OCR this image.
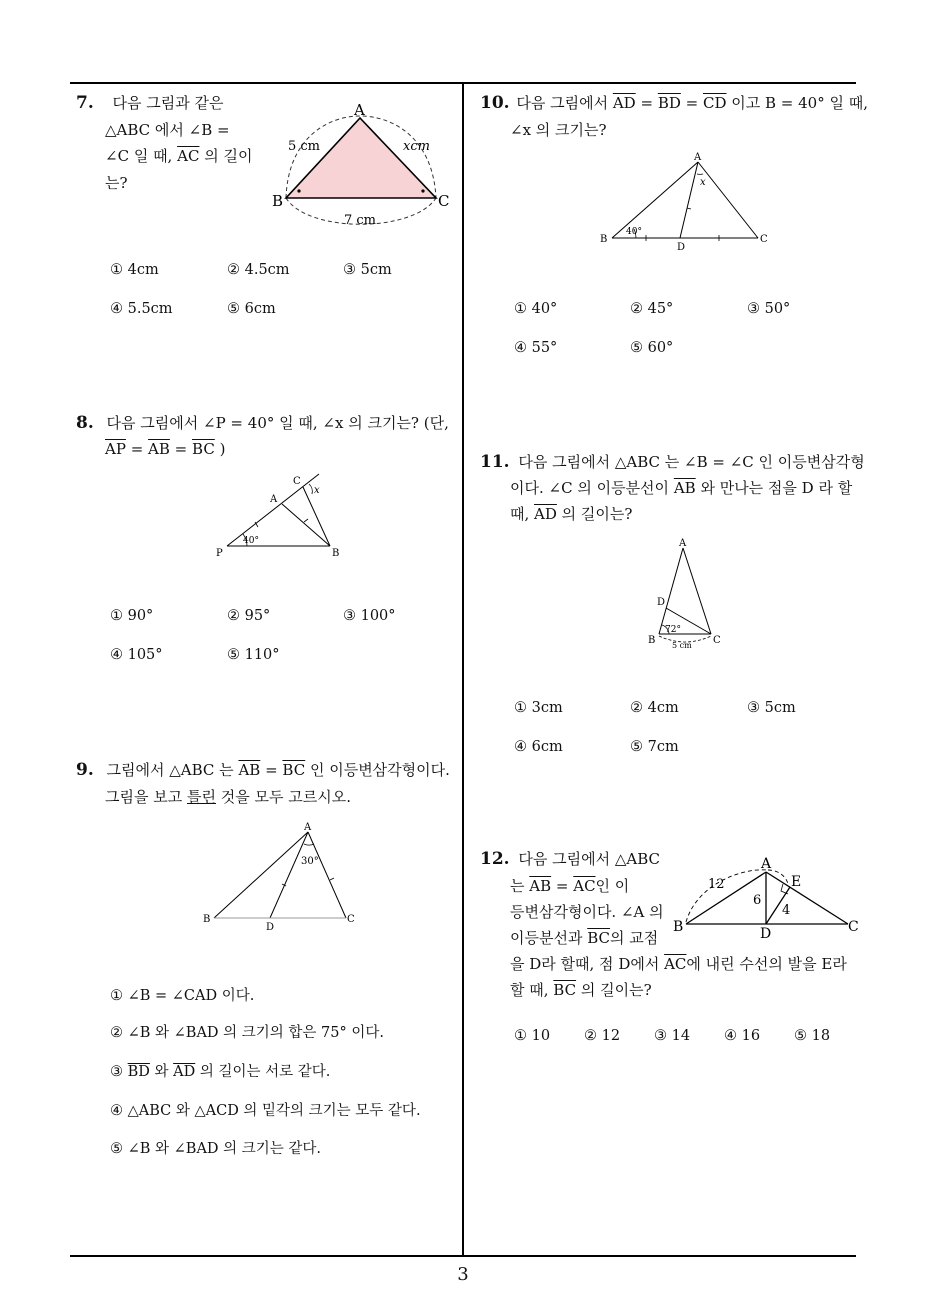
3
7. 다음 그림과 같은
△ABC 에서 ∠B =
∠C 일 때, $\overline{AC}$ 의 길이
는?
A
B	C
5 cm	xcm
7 cm
① 4cm	② 4.5cm	③ 5cm
④ 5.5cm	⑤ 6cm
8. 다음 그림에서 ∠P = 40° 일 때, ∠x 의 크기는? (단,
$\overline{AP} = \overline{AB} = \overline{BC}$ )
P
A
C
B
40°
x
① 90°	② 95°	③ 100°
④ 105°	⑤ 110°
9. 그림에서 △ABC 는 $\overline{AB} = \overline{BC}$ 인 이등변삼각형이다.
그림을 보고 틀린 것을 모두 고르시오.
A
B
D
C
30°
① ∠B = ∠CAD 이다.
② ∠B 와 ∠BAD 의 크기의 합은 75° 이다.
③ $\overline{BD}$ 와 $\overline{AD}$ 의 길이는 서로 같다.
④ △ABC 와 △ACD 의 밑각의 크기는 모두 같다.
⑤ ∠B 와 ∠BAD 의 크기는 같다.
10. 다음 그림에서 $\overline{AD} = \overline{BD} = \overline{CD}$ 이고 B = 40° 일 때,
∠x 의 크기는?
A
B
D
C
40°
x
① 40°	② 45°	③ 50°
④ 55°	⑤ 60°
11. 다음 그림에서 △ABC 는 ∠B = ∠C 인 이등변삼각형
이다. ∠C 의 이등분선이 $\overline{AB}$ 와 만나는 점을 D 라 할
때, $\overline{AD}$ 의 길이는?
A
D
B	C
72°
5 cm
① 3cm	② 4cm	③ 5cm
④ 6cm	⑤ 7cm
12. 다음 그림에서 △ABC
는 $\overline{AB} = \overline{AC}$인 이
등변삼각형이다. ∠A 의
이등분선과 $\overline{BC}$의 교점
을 D라 할때, 점 D에서 $\overline{AC}$에 내린 수선의 발을 E라
할 때, $\overline{BC}$ 의 길이는?
A
B	C
D
E
12
6
4
① 10 ② 12 ③ 14 ④ 16 ⑤ 18
